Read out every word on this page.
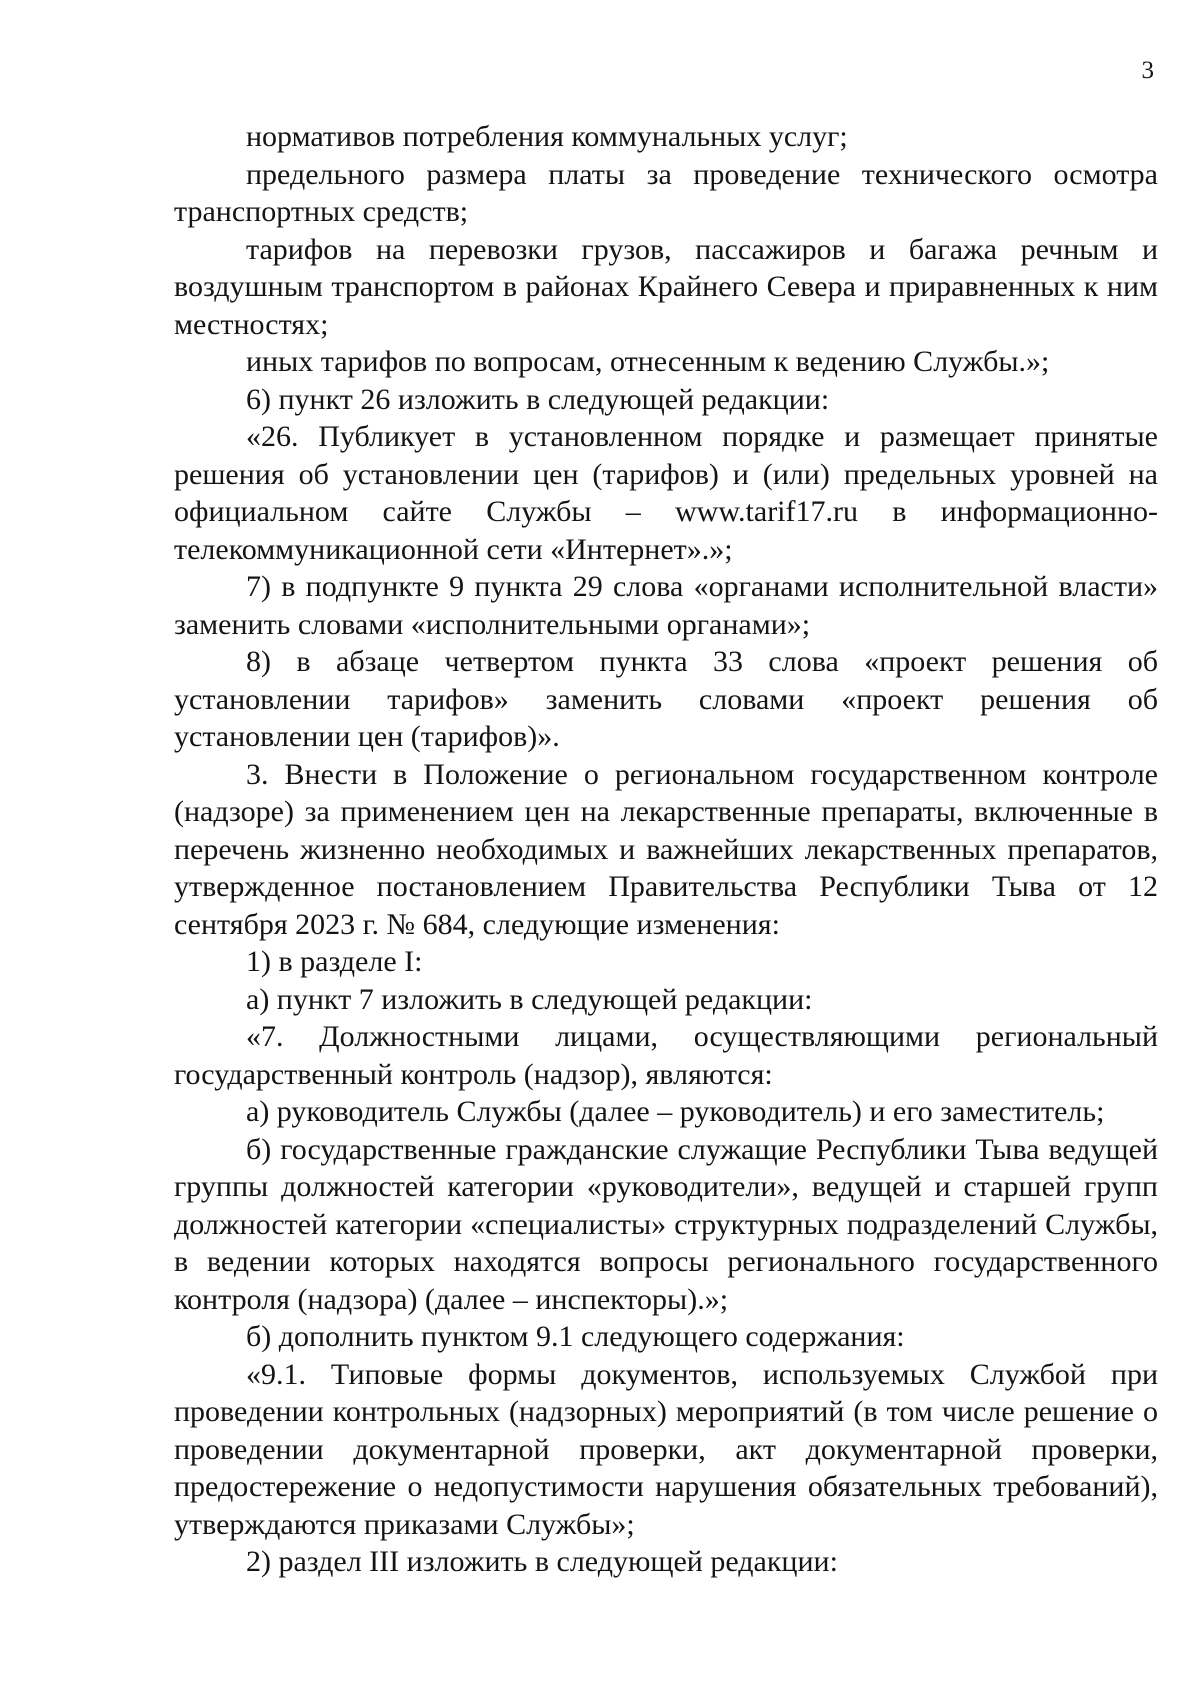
3

нормативов потребления коммунальных услуг;

предельного размера платы за проведение технического осмотра транспортных средств;

тарифов на перевозки грузов, пассажиров и багажа речным и воздушным транспортом в районах Крайнего Севера и приравненных к ним местностях;

иных тарифов по вопросам, отнесенным к ведению Службы.»;

6) пункт 26 изложить в следующей редакции:

«26. Публикует в установленном порядке и размещает принятые решения об установлении цен (тарифов) и (или) предельных уровней на официальном сайте Службы – www.tarif17.ru в информационно-телекоммуникационной сети «Интернет».»;

7) в подпункте 9 пункта 29 слова «органами исполнительной власти» заменить словами «исполнительными органами»;

8) в абзаце четвертом пункта 33 слова «проект решения об установлении тарифов» заменить словами «проект решения об установлении цен (тарифов)».

3. Внести в Положение о региональном государственном контроле (надзоре) за применением цен на лекарственные препараты, включенные в перечень жизненно необходимых и важнейших лекарственных препаратов, утвержденное постановлением Правительства Республики Тыва от 12 сентября 2023 г. № 684, следующие изменения:

1) в разделе I:

а) пункт 7 изложить в следующей редакции:

«7. Должностными лицами, осуществляющими региональный государственный контроль (надзор), являются:

а) руководитель Службы (далее – руководитель) и его заместитель;

б) государственные гражданские служащие Республики Тыва ведущей группы должностей категории «руководители», ведущей и старшей групп должностей категории «специалисты» структурных подразделений Службы, в ведении которых находятся вопросы регионального государственного контроля (надзора) (далее – инспекторы).»;

б) дополнить пунктом 9.1 следующего содержания:

«9.1. Типовые формы документов, используемых Службой при проведении контрольных (надзорных) мероприятий (в том числе решение о проведении документарной проверки, акт документарной проверки, предостережение о недопустимости нарушения обязательных требований), утверждаются приказами Службы»;

2) раздел III изложить в следующей редакции:
